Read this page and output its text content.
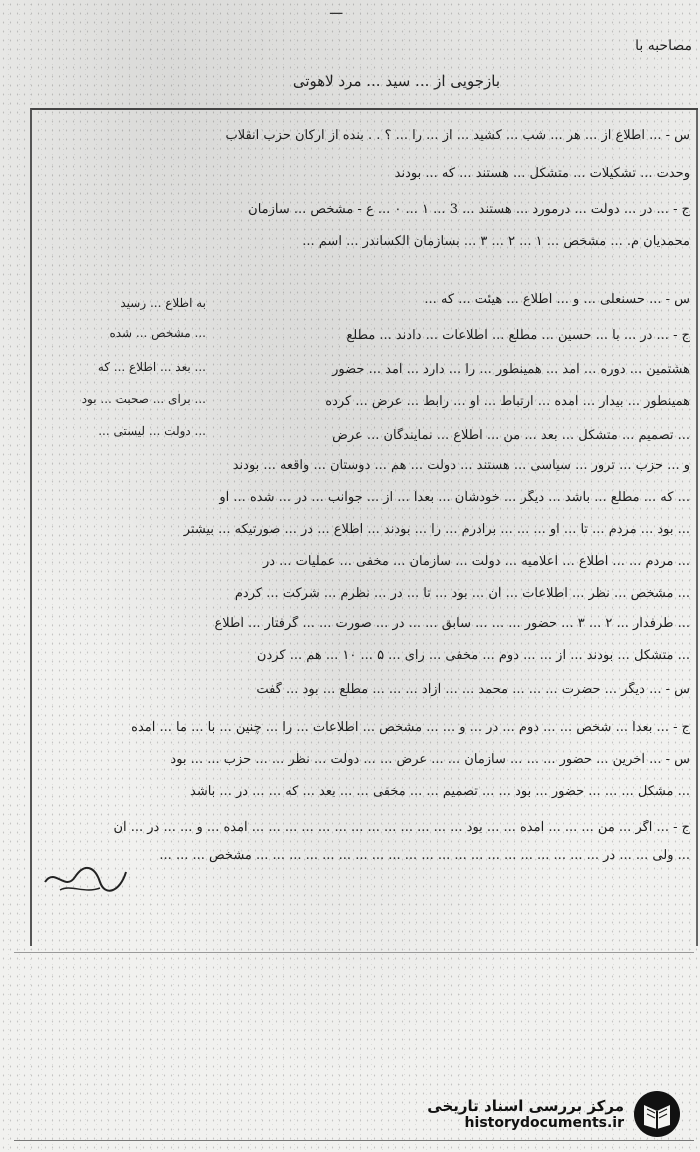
ـــ
مصاحبه با
بازجویی از ... سید ... مرد لاهوتی
س - ... اطلاع از ... هر ... شب ... کشید ... از ... را ... ؟ . . بنده از ارکان حزب انقلاب
وحدت ... تشکیلات ... متشکل ... هستند ... که ... بودند
ج - ... در ... دولت ... درمورد ... هستند ... 3 ... ۱ ... ۰ ... ع - مشخص ... سازمان
محمدیان م. ... مشخص ... ۱ ... ۲ ... ۳ ... بسازمان الکساندر ... اسم ...
س - ... حسنعلی ... و ... اطلاع ... هیئت ... که ...
ج - ... در ... با ... حسین ... مطلع ... اطلاعات ... دادند ... مطلع
هشتمین ... دوره ... آمد ... همینطور ... را ... دارد ... آمد ... حضور
همینطور ... بیدار ... آمده ... ارتباط ... او ... رابط ... عرض ... کرده
... تصمیم ... متشکل ... بعد ... من ... اطلاع ... نمایندگان ... عرض
و ... حزب ... ترور ... سیاسی ... هستند ... دولت ... هم ... دوستان ... واقعه ... بودند
... که ... مطلع ... باشد ... دیگر ... خودشان ... بعداً ... از ... جوانب ... در ... شده ... او
... بود ... مردم ... تا ... او ... ... ... برادرم ... را ... بودند ... اطلاع ... در ... صورتیکه ... بیشتر
... مردم ... ... اطلاع ... اعلامیه ... دولت ... سازمان ... مخفی ... عملیات ... در
... مشخص ... نظر ... اطلاعات ... آن ... بود ... تا ... در ... نظرم ... شرکت ... کردم
... طرفدار ... ۲ ... ۳ ... حضور ... ... ... سابق ... ... در ... صورت ... ... گرفتار ... اطلاع
... متشکل ... بودند ... از ... ... دوم ... مخفی ... رای ... ۵ ... ۱۰ ... هم ... کردن
س - ... دیگر ... حضرت ... ... ... محمد ... ... آزاد ... ... ... مطلع ... بود ... گفت
ج - ... بعداً ... شخص ... ... دوم ... در ... و ... ... مشخص ... اطلاعات ... را ... چنین ... با ... ما ... آمده
س - ... آخرین ... حضور ... ... ... سازمان ... ... عرض ... ... دولت ... نظر ... ... حزب ... ... بود
... مشکل ... ... ... حضور ... بود ... ... تصمیم ... ... مخفی ... ... بعد ... که ... ... در ... باشد
ج - ... اگر ... من ... ... ... آمده ... ... بود ... ... ... ... ... ... ... ... ... ... ... ... ... آمده ... و ... ... در ... آن
... ولی ... ... در ... ... ... ... ... ... ... ... ... ... ... ... ... ... ... ... ... ... ... ... ... مشخص ... ... ...
به اطلاع ... رسید
... مشخص ... شده
... بعد ... اطلاع ... که
... برای ... صحبت ... بود
... دولت ... لیستی ...
مرکز بررسی اسناد تاریخی
historydocuments.ir
